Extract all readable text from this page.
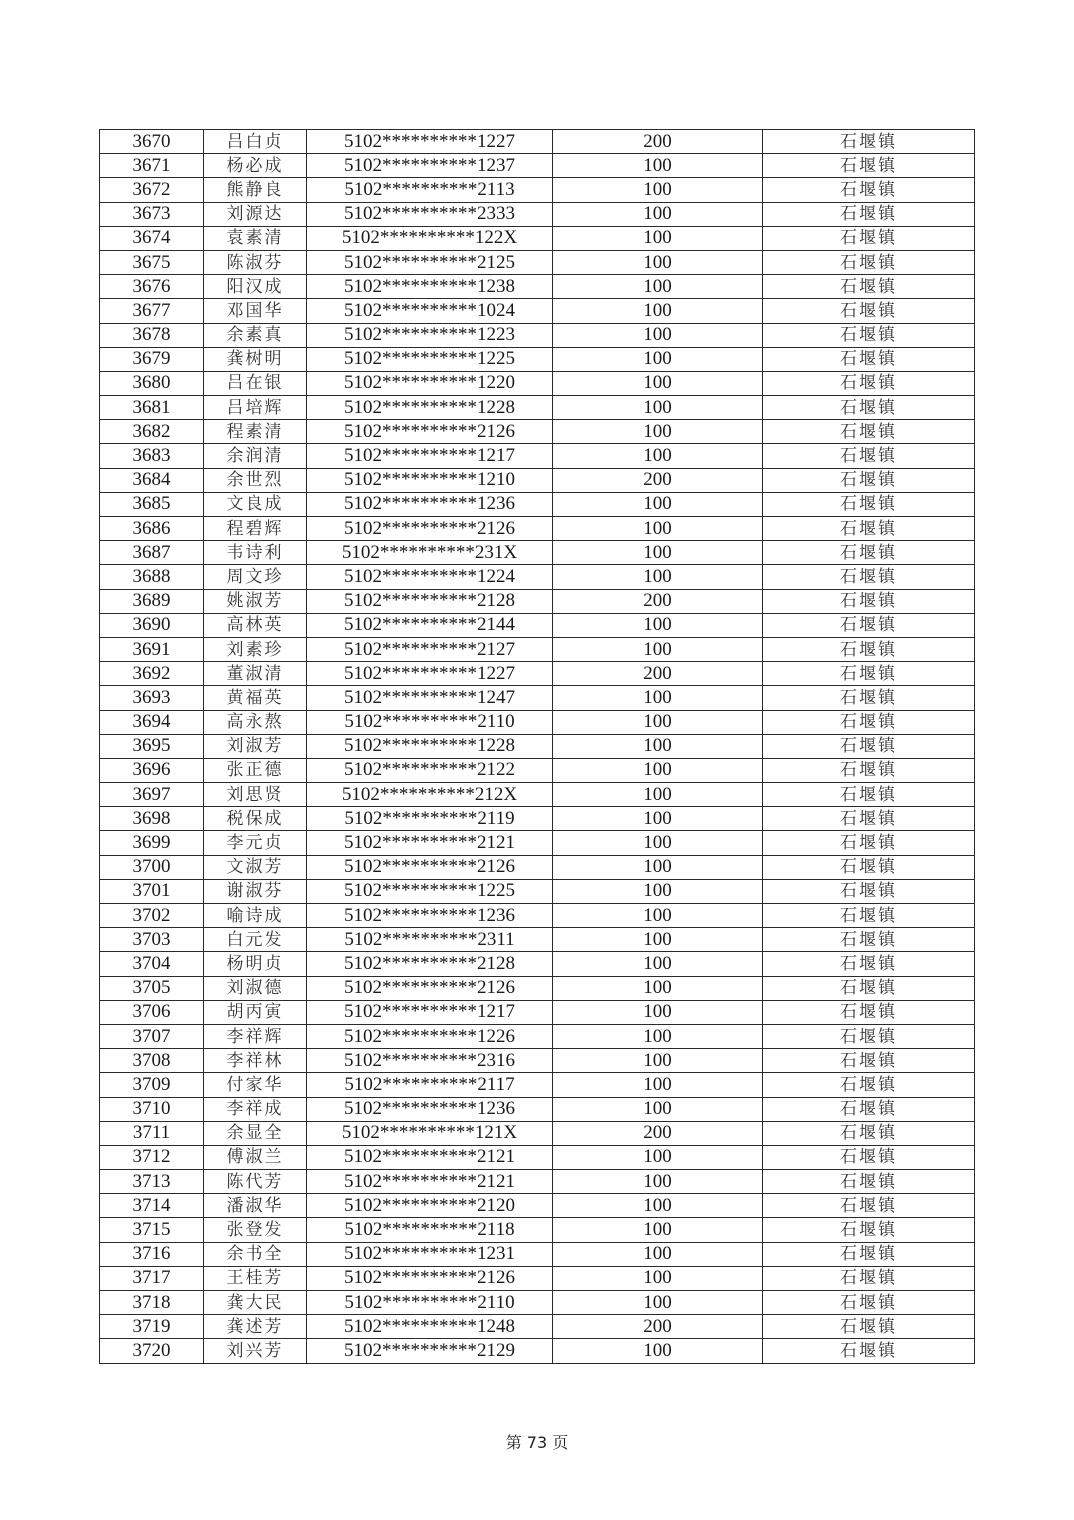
3670	吕白贞	5102**********1227	200	石堰镇
3671	杨必成	5102**********1237	100	石堰镇
3672	熊静良	5102**********2113	100	石堰镇
3673	刘源达	5102**********2333	100	石堰镇
3674	袁素清	5102**********122X	100	石堰镇
3675	陈淑芬	5102**********2125	100	石堰镇
3676	阳汉成	5102**********1238	100	石堰镇
3677	邓国华	5102**********1024	100	石堰镇
3678	余素真	5102**********1223	100	石堰镇
3679	龚树明	5102**********1225	100	石堰镇
3680	吕在银	5102**********1220	100	石堰镇
3681	吕培辉	5102**********1228	100	石堰镇
3682	程素清	5102**********2126	100	石堰镇
3683	余润清	5102**********1217	100	石堰镇
3684	余世烈	5102**********1210	200	石堰镇
3685	文良成	5102**********1236	100	石堰镇
3686	程碧辉	5102**********2126	100	石堰镇
3687	韦诗利	5102**********231X	100	石堰镇
3688	周文珍	5102**********1224	100	石堰镇
3689	姚淑芳	5102**********2128	200	石堰镇
3690	高林英	5102**********2144	100	石堰镇
3691	刘素珍	5102**********2127	100	石堰镇
3692	董淑清	5102**********1227	200	石堰镇
3693	黄福英	5102**********1247	100	石堰镇
3694	高永熬	5102**********2110	100	石堰镇
3695	刘淑芳	5102**********1228	100	石堰镇
3696	张正德	5102**********2122	100	石堰镇
3697	刘思贤	5102**********212X	100	石堰镇
3698	税保成	5102**********2119	100	石堰镇
3699	李元贞	5102**********2121	100	石堰镇
3700	文淑芳	5102**********2126	100	石堰镇
3701	谢淑芬	5102**********1225	100	石堰镇
3702	喻诗成	5102**********1236	100	石堰镇
3703	白元发	5102**********2311	100	石堰镇
3704	杨明贞	5102**********2128	100	石堰镇
3705	刘淑德	5102**********2126	100	石堰镇
3706	胡丙寅	5102**********1217	100	石堰镇
3707	李祥辉	5102**********1226	100	石堰镇
3708	李祥林	5102**********2316	100	石堰镇
3709	付家华	5102**********2117	100	石堰镇
3710	李祥成	5102**********1236	100	石堰镇
3711	余显全	5102**********121X	200	石堰镇
3712	傅淑兰	5102**********2121	100	石堰镇
3713	陈代芳	5102**********2121	100	石堰镇
3714	潘淑华	5102**********2120	100	石堰镇
3715	张登发	5102**********2118	100	石堰镇
3716	余书全	5102**********1231	100	石堰镇
3717	王桂芳	5102**********2126	100	石堰镇
3718	龚大民	5102**********2110	100	石堰镇
3719	龚述芳	5102**********1248	200	石堰镇
3720	刘兴芳	5102**********2129	100	石堰镇
第 73 页
